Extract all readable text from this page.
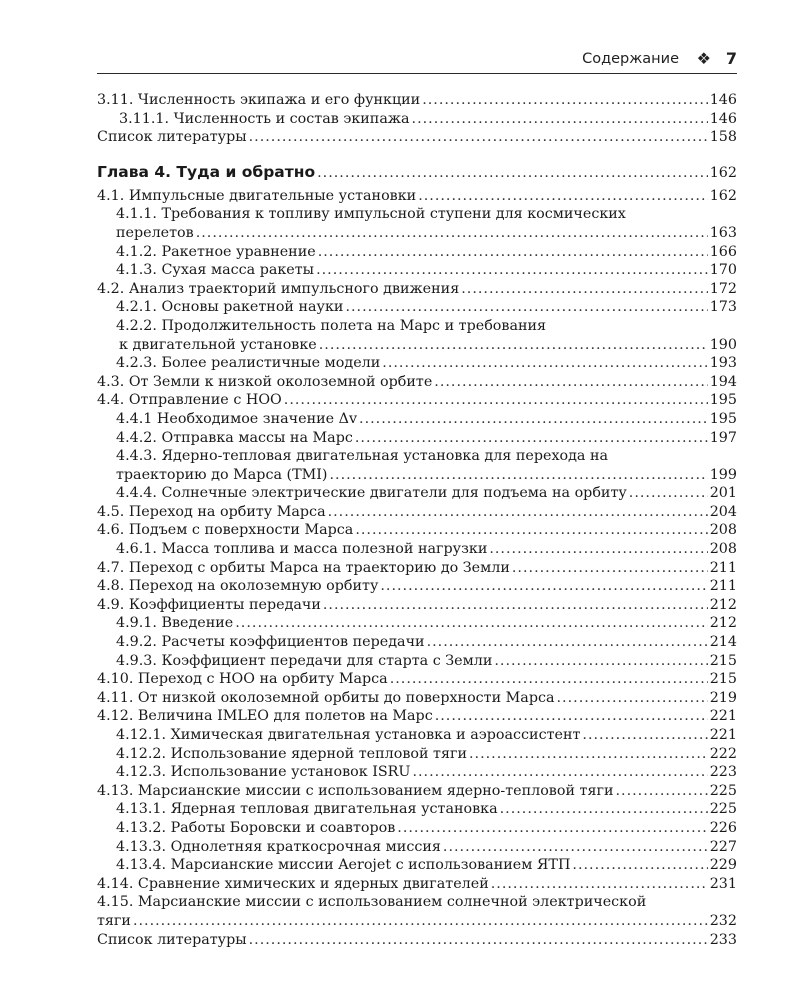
Содержание ❖ 7
3.11. Численность экипажа и его функции .....	146
3.11.1. Численность и состав экипажа .....	146
Список литературы .....	158
Глава 4. Туда и обратно .....	162
4.1. Импульсные двигательные установки .....	162
4.1.1. Требования к топливу импульсной ступени для космических
перелетов .....	163
4.1.2. Ракетное уравнение .....	166
4.1.3. Сухая масса ракеты .....	170
4.2. Анализ траекторий импульсного движения .....	172
4.2.1. Основы ракетной науки .....	173
4.2.2. Продолжительность полета на Марс и требования
к двигательной установке .....	190
4.2.3. Более реалистичные модели .....	193
4.3. От Земли к низкой околоземной орбите .....	194
4.4. Отправление с НОО .....	195
4.4.1 Необходимое значение Δv .....	195
4.4.2. Отправка массы на Марс .....	197
4.4.3. Ядерно-тепловая двигательная установка для перехода на
траекторию до Марса (TMI) .....	199
4.4.4. Солнечные электрические двигатели для подъема на орбиту .....	201
4.5. Переход на орбиту Марса .....	204
4.6. Подъем с поверхности Марса .....	208
4.6.1. Масса топлива и масса полезной нагрузки .....	208
4.7. Переход с орбиты Марса на траекторию до Земли .....	211
4.8. Переход на околоземную орбиту .....	211
4.9. Коэффициенты передачи .....	212
4.9.1. Введение .....	212
4.9.2. Расчеты коэффициентов передачи .....	214
4.9.3. Коэффициент передачи для старта с Земли .....	215
4.10. Переход с НОО на орбиту Марса .....	215
4.11. От низкой околоземной орбиты до поверхности Марса .....	219
4.12. Величина IMLEO для полетов на Марс .....	221
4.12.1. Химическая двигательная установка и аэроассистент .....	221
4.12.2. Использование ядерной тепловой тяги .....	222
4.12.3. Использование установок ISRU .....	223
4.13. Марсианские миссии с использованием ядерно-тепловой тяги .....	225
4.13.1. Ядерная тепловая двигательная установка .....	225
4.13.2. Работы Боровски и соавторов .....	226
4.13.3. Однолетняя краткосрочная миссия .....	227
4.13.4. Марсианские миссии Aerojet с использованием ЯТП .....	229
4.14. Сравнение химических и ядерных двигателей .....	231
4.15. Марсианские миссии с использованием солнечной электрической
тяги .....	232
Список литературы .....	233
